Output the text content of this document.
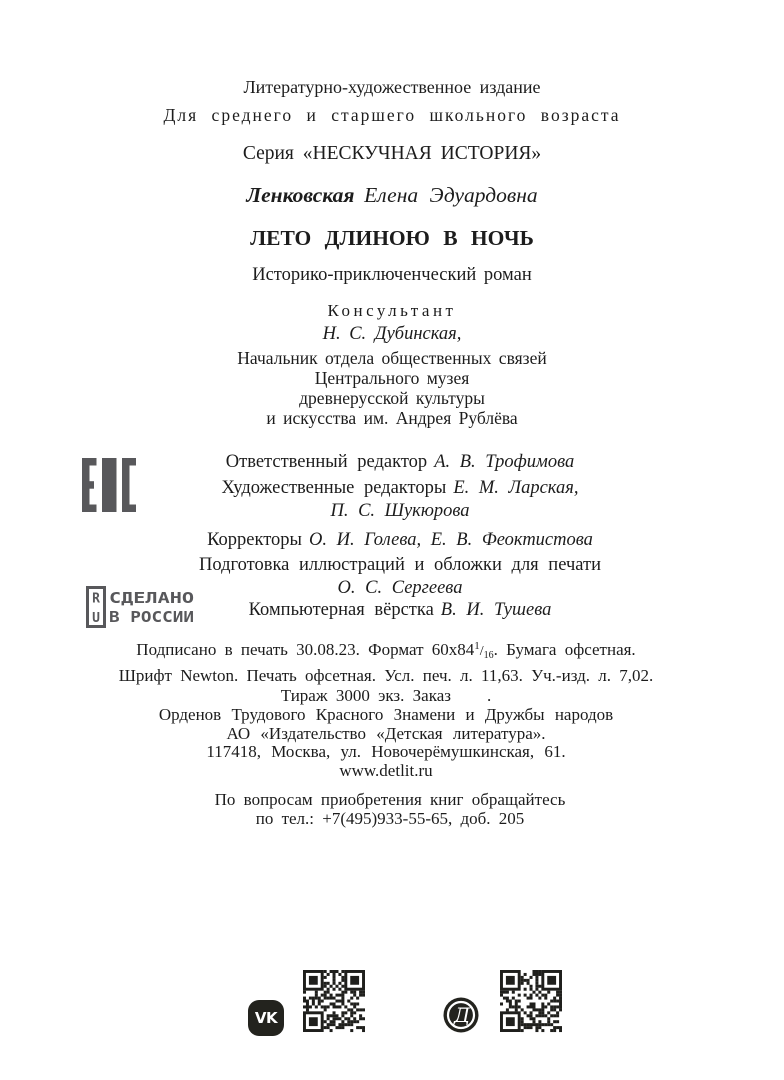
Литературно-художественное издание
Для среднего и старшего школьного возраста
Серия «НЕСКУЧНАЯ ИСТОРИЯ»
Ленковская Елена Эдуардовна
ЛЕТО ДЛИНОЮ В НОЧЬ
Историко-приключенческий роман
Консультант
Н. С. Дубинская,
Начальник отдела общественных связей
Центрального музея
древнерусской культуры
и искусства им. Андрея Рублёва
R
U
СДЕЛАНО
В РОССИИ
Ответственный редактор А. В. Трофимова
Художественные редакторы Е. М. Ларская,
П. С. Шукюрова
Корректоры О. И. Голева, Е. В. Феоктистова
Подготовка иллюстраций и обложки для печати
О. С. Сергеева
Компьютерная вёрстка В. И. Тушева
Подписано в печать 30.08.23. Формат $60х84^1/_{16}$. Бумага офсетная.
Шрифт Newton. Печать офсетная. Усл. печ. л. 11,63. Уч.-изд. л. 7,02.
Тираж 3000 экз. Заказ .
Орденов Трудового Красного Знамени и Дружбы народов
АО «Издательство «Детская литература».
117418, Москва, ул. Новочерёмушкинская, 61.
www.detlit.ru
По вопросам приобретения книг обращайтесь
по тел.: +7(495)933-55-65, доб. 205
VK	Д
